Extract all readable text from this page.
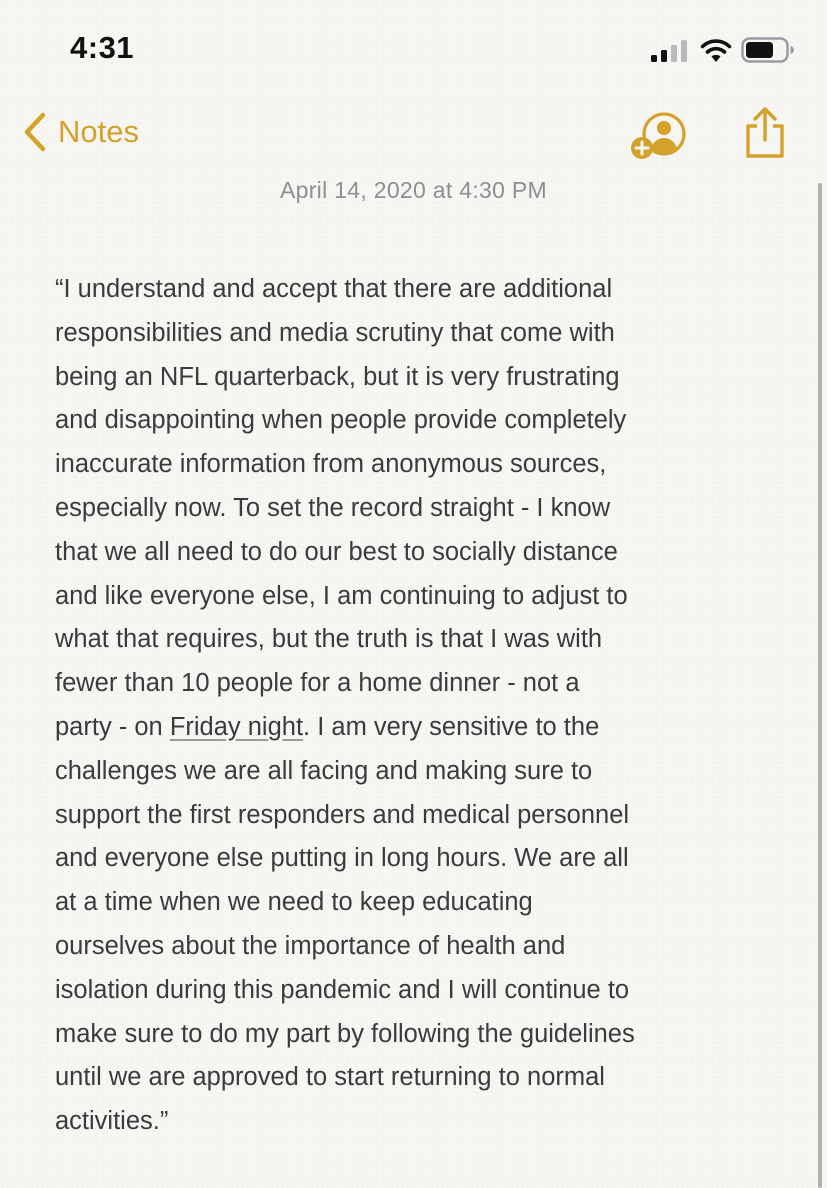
4:31
Notes
April 14, 2020 at 4:30 PM
“I understand and accept that there are additional
responsibilities and media scrutiny that come with
being an NFL quarterback, but it is very frustrating
and disappointing when people provide completely
inaccurate information from anonymous sources,
especially now. To set the record straight - I know
that we all need to do our best to socially distance
and like everyone else, I am continuing to adjust to
what that requires, but the truth is that I was with
fewer than 10 people for a home dinner - not a
party - on Friday night. I am very sensitive to the
challenges we are all facing and making sure to
support the first responders and medical personnel
and everyone else putting in long hours. We are all
at a time when we need to keep educating
ourselves about the importance of health and
isolation during this pandemic and I will continue to
make sure to do my part by following the guidelines
until we are approved to start returning to normal
activities.”
